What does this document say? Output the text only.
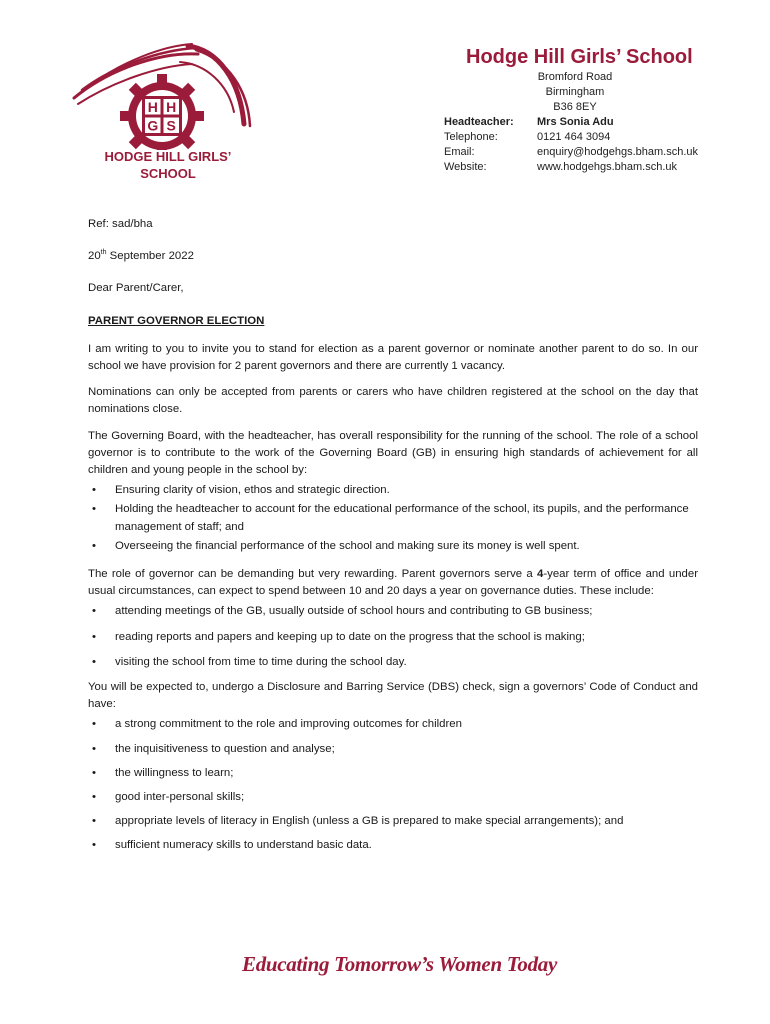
H H
G S
HODGE HILL GIRLS’ SCHOOL
Hodge Hill Girls’ School
Bromford Road
Birmingham
B36 8EY
Headteacher:	Mrs Sonia Adu
Telephone:	0121 464 3094
Email:	enquiry@hodgehgs.bham.sch.uk
Website:	www.hodgehgs.bham.sch.uk

Ref: sad/bha

20th September 2022

Dear Parent/Carer,

PARENT GOVERNOR ELECTION

I am writing to you to invite you to stand for election as a parent governor or nominate another parent to do so. In our school we have provision for 2 parent governors and there are currently 1 vacancy.

Nominations can only be accepted from parents or carers who have children registered at the school on the day that nominations close.

The Governing Board, with the headteacher, has overall responsibility for the running of the school. The role of a school governor is to contribute to the work of the Governing Board (GB) in ensuring high standards of achievement for all children and young people in the school by:

• Ensuring clarity of vision, ethos and strategic direction.
• Holding the headteacher to account for the educational performance of the school, its pupils, and the performance management of staff; and
• Overseeing the financial performance of the school and making sure its money is well spent.

The role of governor can be demanding but very rewarding. Parent governors serve a 4-year term of office and under usual circumstances, can expect to spend between 10 and 20 days a year on governance duties. These include:

• attending meetings of the GB, usually outside of school hours and contributing to GB business;
• reading reports and papers and keeping up to date on the progress that the school is making;
• visiting the school from time to time during the school day.

You will be expected to, undergo a Disclosure and Barring Service (DBS) check, sign a governors’ Code of Conduct and have:

• a strong commitment to the role and improving outcomes for children
• the inquisitiveness to question and analyse;
• the willingness to learn;
• good inter-personal skills;
• appropriate levels of literacy in English (unless a GB is prepared to make special arrangements); and
• sufficient numeracy skills to understand basic data.
Educating Tomorrow’s Women Today
